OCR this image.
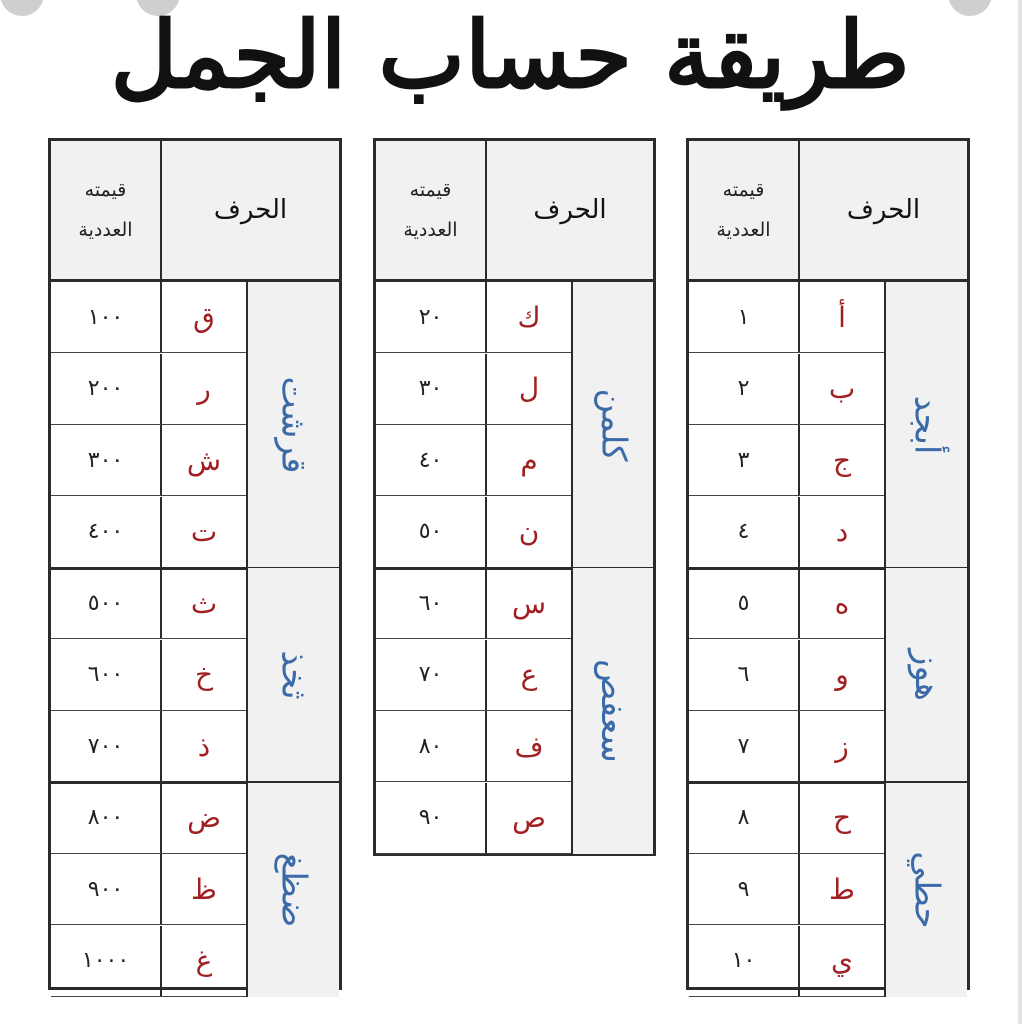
طريقة حساب الجمل
قيمته
العددية
الحرف
١	أ
٢	ب
٣	ج
٤	د
أبجد
٥	ه
٦	و
٧	ز
هوز
٨	ح
٩	ط
١٠	ي
حطي
قيمته
العددية
الحرف
٢٠	ك
٣٠	ل
٤٠	م
٥٠	ن
كلمن
٦٠	س
٧٠	ع
٨٠	ف
٩٠	ص
سعفص
قيمته
العددية
الحرف
١٠٠	ق
٢٠٠	ر
٣٠٠	ش
٤٠٠	ت
قرشت
٥٠٠	ث
٦٠٠	خ
٧٠٠	ذ
ثخذ
٨٠٠	ض
٩٠٠	ظ
١٠٠٠	غ
ضظغ
